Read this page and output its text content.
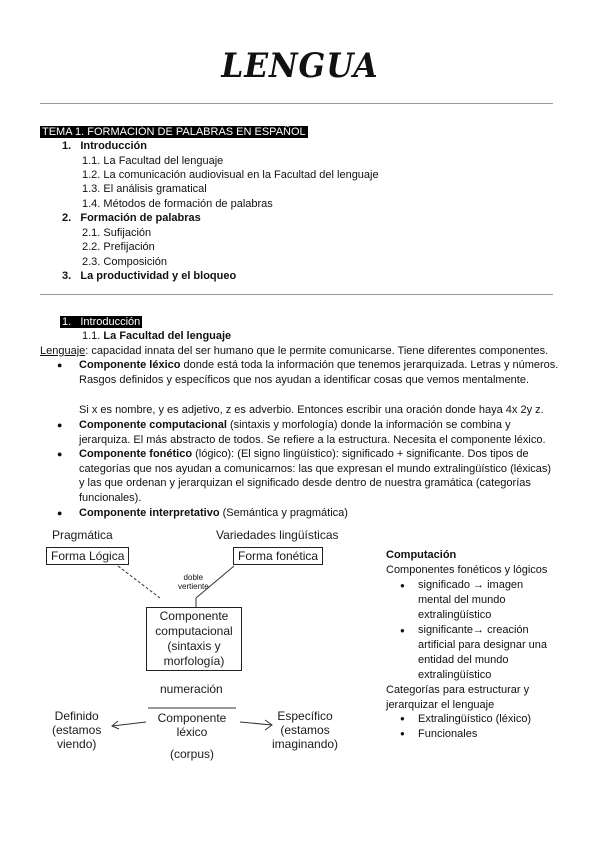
LENGUA
TEMA 1. FORMACIÓN DE PALABRAS EN ESPAÑOL
1. Introducción
1.1. La Facultad del lenguaje
1.2. La comunicación audiovisual en la Facultad del lenguaje
1.3. El análisis gramatical
1.4. Métodos de formación de palabras
2. Formación de palabras
2.1. Sufijación
2.2. Prefijación
2.3. Composición
3. La productividad y el bloqueo
1.   Introducción
1.1. La Facultad del lenguaje
Lenguaje: capacidad innata del ser humano que le permite comunicarse. Tiene diferentes componentes.
● Componente léxico donde está toda la información que tenemos jerarquizada. Letras y números. Rasgos definidos y específicos que nos ayudan a identificar cosas que vemos mentalmente.
Si x es nombre, y es adjetivo, z es adverbio. Entonces escribir una oración donde haya 4x 2y z.
● Componente computacional (sintaxis y morfología) donde la información se combina y jerarquiza. El más abstracto de todos. Se refiere a la estructura. Necesita el componente léxico.
● Componente fonético (lógico): (El signo lingüístico): significado + significante. Dos tipos de categorías que nos ayudan a comunicarnos: las que expresan el mundo extralingüístico (léxicas) y las que ordenan y jerarquizan el significado desde dentro de nuestra gramática (categorías funcionales).
● Componente interpretativo (Semántica y pragmática)
Pragmática	Variedades lingüísticas
Forma Lógica	Forma fonética
doble
vertiente
Componente
computacional
(sintaxis y
morfología)
numeración
Componente
léxico
(corpus)
Definido
(estamos
viendo)
Específico
(estamos
imaginando)
Computación
Componentes fonéticos y lógicos
● significado → imagen
mental del mundo
extralingüístico
● significante→ creación
artificial para designar una
entidad del mundo
extralingüístico
Categorías para estructurar y
jerarquizar el lenguaje
● Extralingüístico (léxico)
● Funcionales
